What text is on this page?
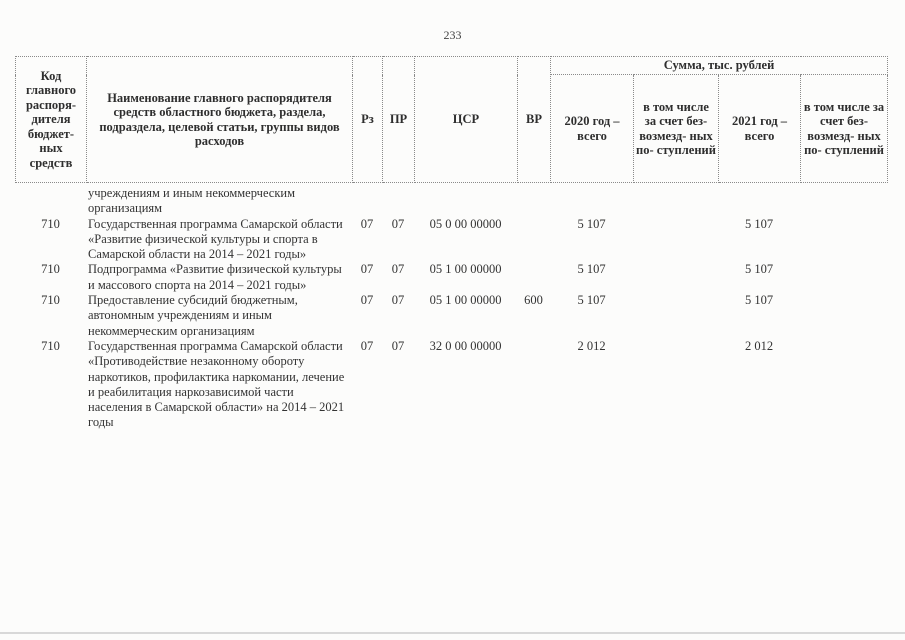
233
Код главного распоря- дителя бюджет- ных средств	Наименование главного распорядителя средств областного бюджета, раздела, подраздела, целевой статьи, группы видов расходов	Рз	ПР	ЦСР	ВР	Сумма, тыс. рублей			
						2020 год – всего	в том числе за счет без- возмезд- ных по- ступлений	2021 год – всего	в том числе за счет без- возмезд- ных по- ступлений
	учреждениям и иным некоммерческим организациям								
710	Государственная программа Самарской области «Развитие физической культуры и спорта в Самарской области на 2014 – 2021 годы»	07	07	05 0 00 00000		5 107		5 107	
710	Подпрограмма «Развитие физической культуры и массового спорта на 2014 – 2021 годы»	07	07	05 1 00 00000		5 107		5 107	
710	Предоставление субсидий бюджетным, автономным учреждениям и иным некоммерческим организациям	07	07	05 1 00 00000	600	5 107		5 107	
710	Государственная программа Самарской области «Противодействие незаконному обороту наркотиков, профилактика наркомании, лечение и реабилитация наркозависимой части населения в Самарской области» на 2014 – 2021 годы	07	07	32 0 00 00000		2 012		2 012	
